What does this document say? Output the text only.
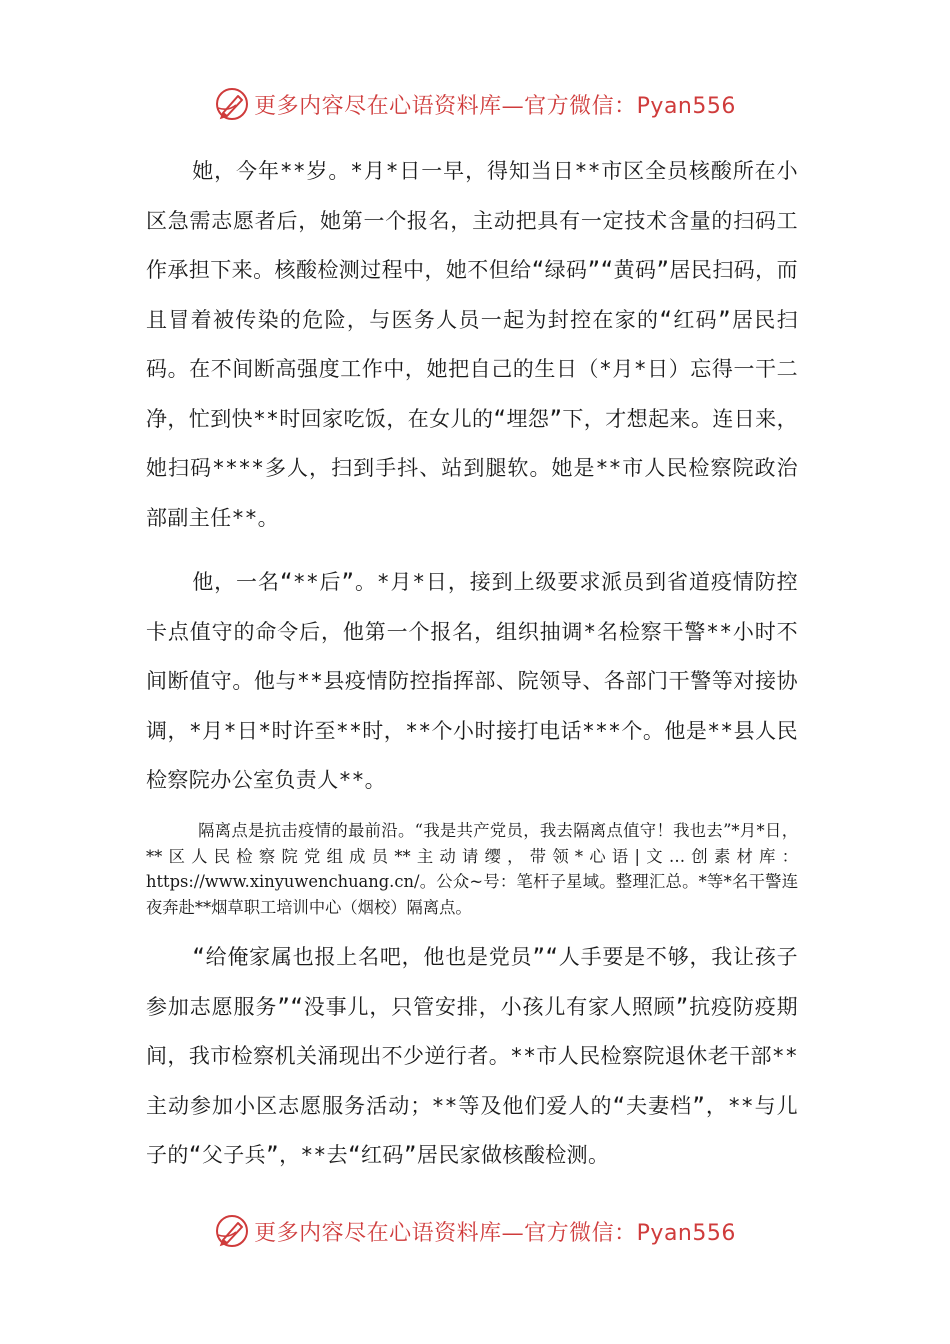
更多内容尽在心语资料库—官方微信：Pyan556

她，今年**岁。*月*日一早，得知当日**市区全员核酸所在小区急需志愿者后，她第一个报名，主动把具有一定技术含量的扫码工作承担下来。核酸检测过程中，她不但给“绿码”“黄码”居民扫码，而且冒着被传染的危险，与医务人员一起为封控在家的“红码”居民扫码。在不间断高强度工作中，她把自己的生日（*月*日）忘得一干二净，忙到快**时回家吃饭，在女儿的“埋怨”下，才想起来。连日来，她扫码****多人，扫到手抖、站到腿软。她是**市人民检察院政治部副主任**。

他，一名“**后”。*月*日，接到上级要求派员到省道疫情防控卡点值守的命令后，他第一个报名，组织抽调*名检察干警**小时不间断值守。他与**县疫情防控指挥部、院领导、各部门干警等对接协调，*月*日*时许至**时，**个小时接打电话***个。他是**县人民检察院办公室负责人**。

隔离点是抗击疫情的最前沿。“我是共产党员，我去隔离点值守！我也去”*月*日，**区人民检察院党组成员**主动请缨，带领*心语|文…创素材库：https://www.xinyuwenchuang.cn/。公众~号：笔杆子星域。整理汇总。*等*名干警连夜奔赴**烟草职工培训中心（烟校）隔离点。

“给俺家属也报上名吧，他也是党员”“人手要是不够，我让孩子参加志愿服务”“没事儿，只管安排，小孩儿有家人照顾”抗疫防疫期间，我市检察机关涌现出不少逆行者。**市人民检察院退休老干部**主动参加小区志愿服务活动；**等及他们爱人的“夫妻档”，**与儿子的“父子兵”，**去“红码”居民家做核酸检测。

更多内容尽在心语资料库—官方微信：Pyan556
